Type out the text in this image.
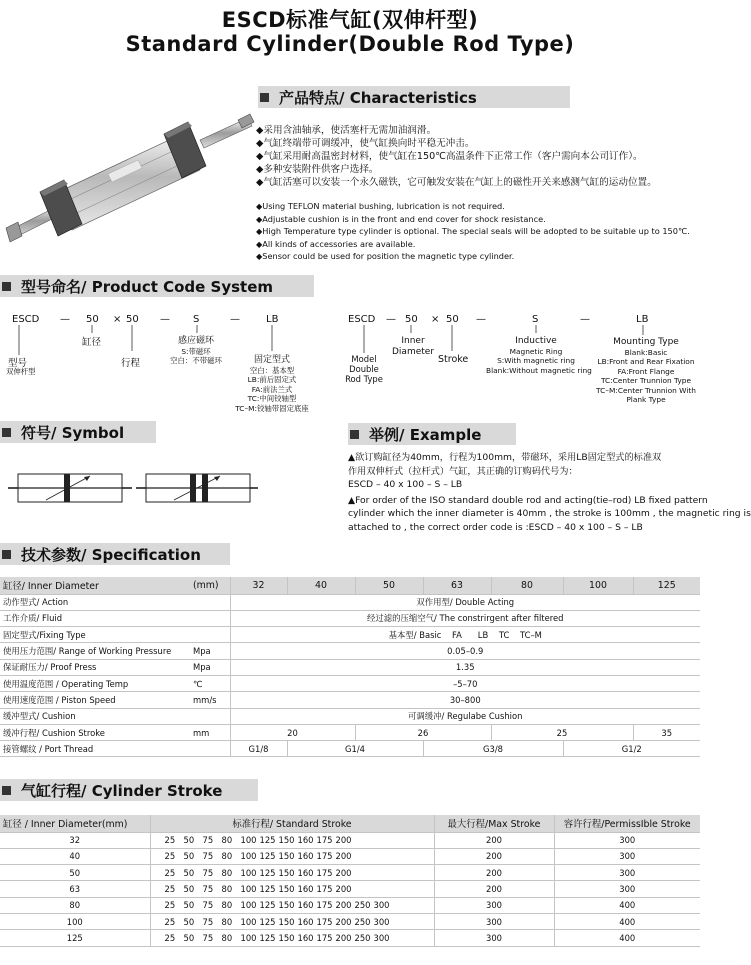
ESCD标准气缸(双伸杆型)
Standard Cylinder(Double Rod Type)
产品特点/ Characteristics
◆采用含油轴承，使活塞杆无需加油润滑。
◆气缸终端带可调缓冲，使气缸换向时平稳无冲击。
◆气缸采用耐高温密封材料，使气缸在150℃高温条件下正常工作（客户需向本公司订作）。
◆多种安装附件供客户选择。
◆气缸活塞可以安装一个永久磁铁，它可触发安装在气缸上的磁性开关来感测气缸的运动位置。
◆Using TEFLON material bushing, lubrication is not required.
◆Adjustable cushion is in the front and end cover for shock resistance.
◆High Temperature type cylinder is optional. The special seals will be adopted to be suitable up to 150℃.
◆All kinds of accessories are available.
◆Sensor could be used for position the magnetic type cylinder.
型号命名/ Product Code System
ESCD — 50 × 50 — S	—	LB
缸径	感应磁环
S:带磁环
空白：不带磁环
型号
双伸杆型
行程	固定型式
空白：基本型
LB:前后固定式
FA:前法兰式
TC:中间铰轴型
TC–M:铰轴带固定底座
ESCD — 50 × 50 —	S	—	LB
Inner
Diameter
Inductive
Magnetic Ring
S:With magnetic ring
Blank:Without magnetic ring
Mounting Type
Blank:Basic
LB:Front and Rear Fixation
FA:Front Flange
TC:Center Trunnion Type
TC–M:Center Trunnion With
Plank Type
Model
Double
Rod Type
Stroke
符号/ Symbol	举例/ Example
▲欲订购缸径为40mm，行程为100mm，带磁环，采用LB固定型式的标准双
作用双伸杆式（拉杆式）气缸，其正确的订购码代号为：
ESCD – 40 x 100 – S – LB
▲For order of the ISO standard double rod and acting(tie–rod) LB fixed pattern
cylinder which the inner diameter is 40mm , the stroke is 100mm , the magnetic ring is
attached to , the correct order code is :ESCD – 40 x 100 – S – LB
技术参数/ Specification
缸径/ Inner Diameter	(mm)	32	40	50	63	80	100	125
动作型式/ Action		双作用型/ Double Acting						
工作介质/ Fluid		经过滤的压缩空气/ The constrirgent after filtered						
固定型式/Fixing Type		基本型/ Basic    FA      LB    TC    TC–M						
使用压力范围/ Range of Working Pressure	Mpa	0.05–0.9						
保证耐压力/ Proof Press	Mpa	1.35						
使用温度范围 / Operating Temp	℃	–5–70						
使用速度范围 / Piston Speed	mm/s	30–800						
缓冲型式/ Cushion		可调缓冲/ Regulabe Cushion						
缓冲行程/ Cushion Stroke	mm	20		26		25		35
接管螺纹 / Port Thread		G1/8	G1/4		G3/8		G1/2	
气缸行程/ Cylinder Stroke
缸径 / Inner Diameter(mm)	标准行程/ Standard Stroke	最大行程/Max Stroke	容许行程/PermissIble Stroke
32	25 50 75 80 100 125 150 160 175 200	200	300
40	25 50 75 80 100 125 150 160 175 200	200	300
50	25 50 75 80 100 125 150 160 175 200	200	300
63	25 50 75 80 100 125 150 160 175 200	200	300
80	25 50 75 80 100 125 150 160 175 200 250 300	300	400
100	25 50 75 80 100 125 150 160 175 200 250 300	300	400
125	25 50 75 80 100 125 150 160 175 200 250 300	300	400
